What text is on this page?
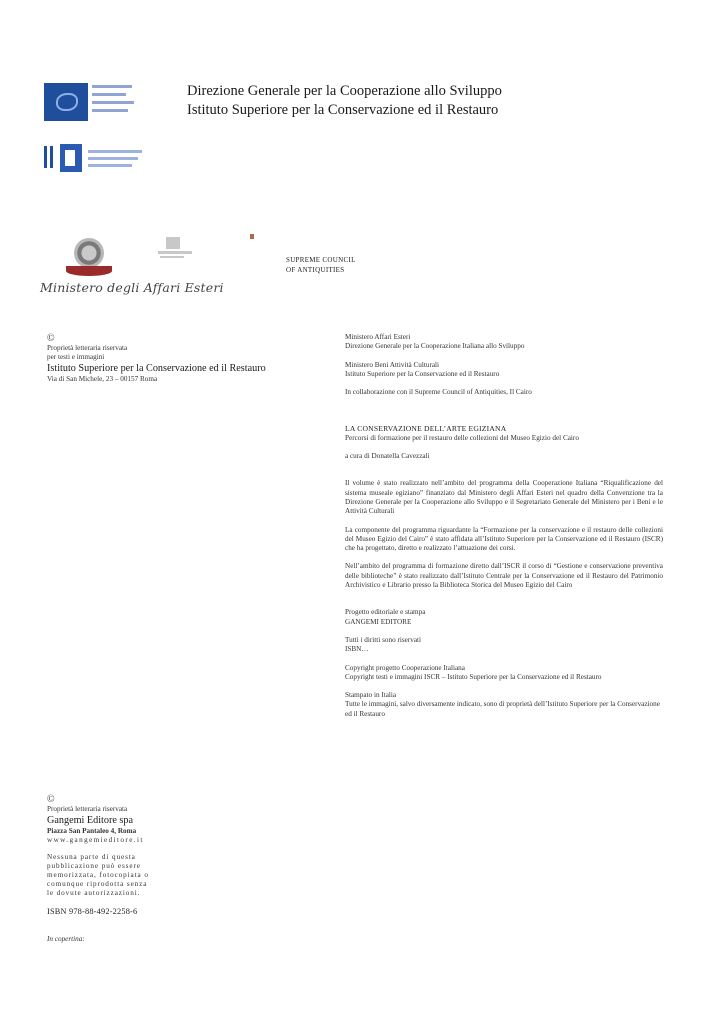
Direzione Generale per la Cooperazione allo Sviluppo
Istituto Superiore per la Conservazione ed il Restauro
Ministero degli Affari Esteri
SUPREME COUNCIL
OF ANTIQUITIES
©
Proprietà letteraria riservata
per testi e immagini
Istituto Superiore per la Conservazione ed il Restauro
Via di San Michele, 23 – 00157 Roma

Ministero Affari Esteri

Direzione Generale per la Cooperazione Italiana allo Sviluppo

Ministero Beni Attività Culturali

Istituto Superiore per la Conservazione ed il Restauro

In collaborazione con il Supreme Council of Antiquities, Il Cairo

LA CONSERVAZIONE DELL’ARTE EGIZIANA

Percorsi di formazione per il restauro delle collezioni del Museo Egizio del Cairo

a cura di Donatella Cavezzali

Il volume è stato realizzato nell’ambito del programma della Cooperazione Italiana “Riqualificazione del sistema museale egiziano” finanziato dal Ministero degli Affari Esteri nel quadro della Convenzione tra la Direzione Generale per la Cooperazione allo Sviluppo e il Segretariato Generale del Ministero per i Beni e le Attività Culturali

La componente del programma riguardante la “Formazione per la conservazione e il restauro delle collezioni del Museo Egizio del Cairo” è stato affidata all’Istituto Superiore per la Conservazione ed il Restauro (ISCR) che ha progettato, diretto e realizzato l’attuazione dei corsi.

Nell’ambito del programma di formazione diretto dall’ISCR il corso di “Gestione e conservazione preventiva delle biblioteche” è stato realizzato dall’Istituto Centrale per la Conservazione ed il Restauro del Patrimonio Archivistico e Librario presso la Biblioteca Storica del Museo Egizio del Cairo

Progetto editoriale e stampa

GANGEMI EDITORE

Tutti i diritti sono riservati

ISBN…

Copyright progetto Cooperazione Italiana

Copyright testi e immagini ISCR – Istituto Superiore per la Conservazione ed il Restauro

Stampato in Italia

Tutte le immagini, salvo diversamente indicato, sono di proprietà dell’Istituto Superiore per la Conservazione ed il Restauro

©
Proprietà letteraria riservata
Gangemi Editore spa
Piazza San Pantaleo 4, Roma
www.gangemieditore.it
Nessuna parte di questa
pubblicazione può essere
memorizzata, fotocopiata o
comunque riprodotta senza
le dovute autorizzazioni.
ISBN 978-88-492-2258-6
In copertina:
